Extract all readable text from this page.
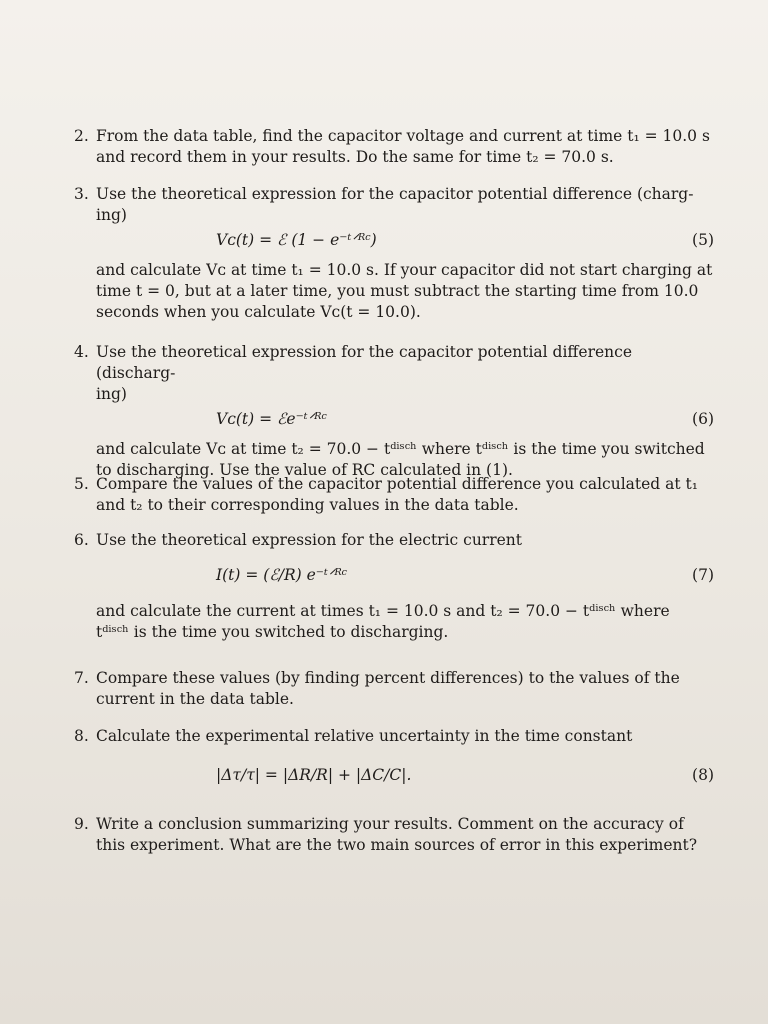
2. From the data table, find the capacitor voltage and current at time t₁ = 10.0 s

and record them in your results. Do the same for time t₂ = 70.0 s.

3. Use the theoretical expression for the capacitor potential difference (charg-

ing)

Vᴄ(t) = ℰ (1 − e⁻ᵗᐟᴿᶜ)	(5)

and calculate Vᴄ at time t₁ = 10.0 s. If your capacitor did not start charging at

time t = 0, but at a later time, you must subtract the starting time from 10.0

seconds when you calculate Vᴄ(t = 10.0).

4. Use the theoretical expression for the capacitor potential difference (discharg-

ing)

Vᴄ(t) = ℰe⁻ᵗᐟᴿᶜ	(6)

and calculate Vᴄ at time t₂ = 70.0 − tᵈⁱˢᶜʰ where tᵈⁱˢᶜʰ is the time you switched

to discharging. Use the value of RC calculated in (1).

5. Compare the values of the capacitor potential difference you calculated at t₁

and t₂ to their corresponding values in the data table.

6. Use the theoretical expression for the electric current

I(t) = (ℰ/R) e⁻ᵗᐟᴿᶜ	(7)

and calculate the current at times t₁ = 10.0 s and t₂ = 70.0 − tᵈⁱˢᶜʰ where

tᵈⁱˢᶜʰ is the time you switched to discharging.

7. Compare these values (by finding percent differences) to the values of the

current in the data table.

8. Calculate the experimental relative uncertainty in the time constant

|Δτ/τ| = |ΔR/R| + |ΔC/C|.	(8)
9. Write a conclusion summarizing your results. Comment on the accuracy of

this experiment. What are the two main sources of error in this experiment?
